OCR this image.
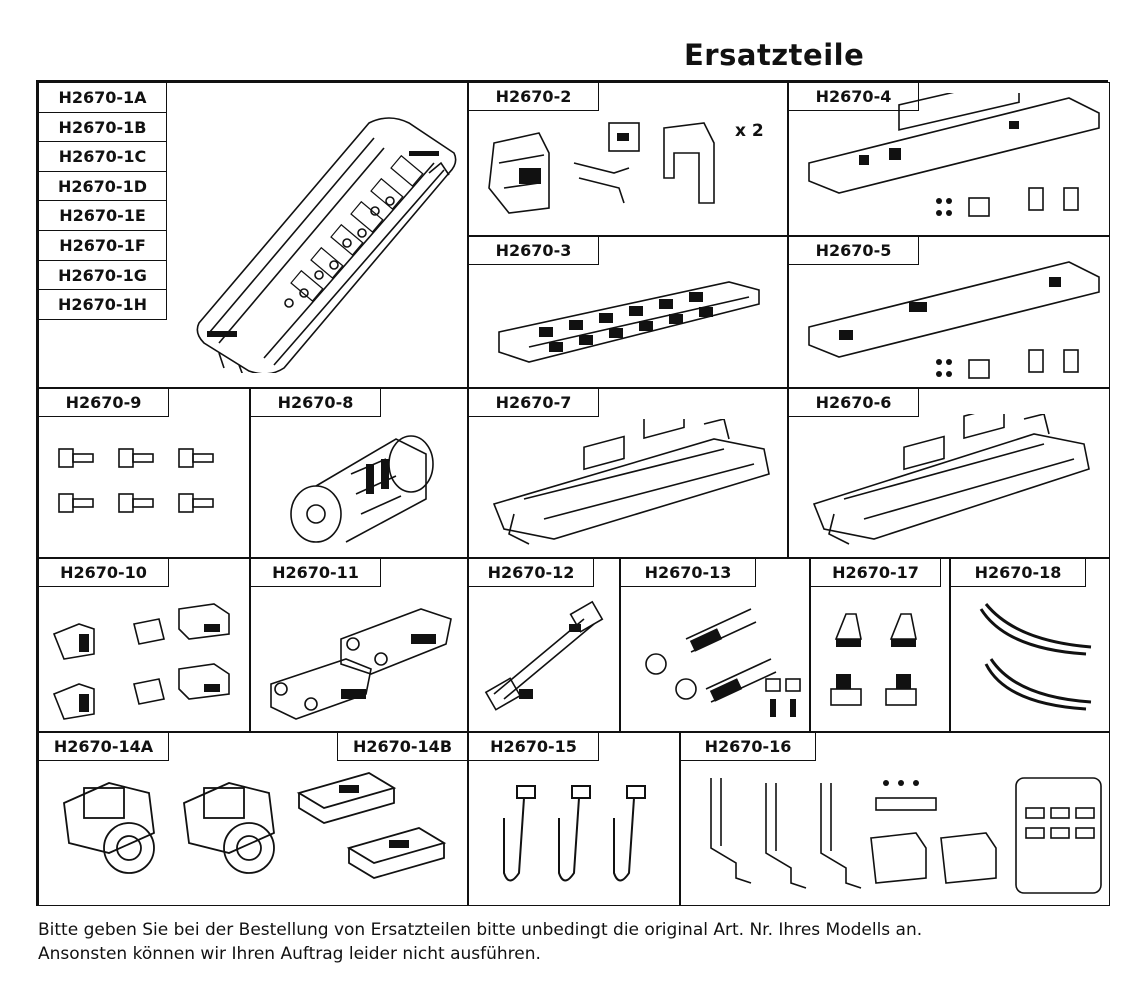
Ersatzteile
H2670-1A
H2670-1B
H2670-1C
H2670-1D
H2670-1E
H2670-1F
H2670-1G
H2670-1H
H2670-2
x 2
H2670-3
H2670-4
H2670-5
H2670-9	H2670-8	H2670-7	H2670-6
H2670-10	H2670-11	H2670-12	H2670-13	H2670-17	H2670-18
H2670-14A	H2670-14B	H2670-15	H2670-16
Bitte geben Sie bei der Bestellung von Ersatzteilen bitte unbedingt die original Art. Nr. Ihres Modells an.
Ansonsten können wir Ihren Auftrag leider nicht ausführen.
